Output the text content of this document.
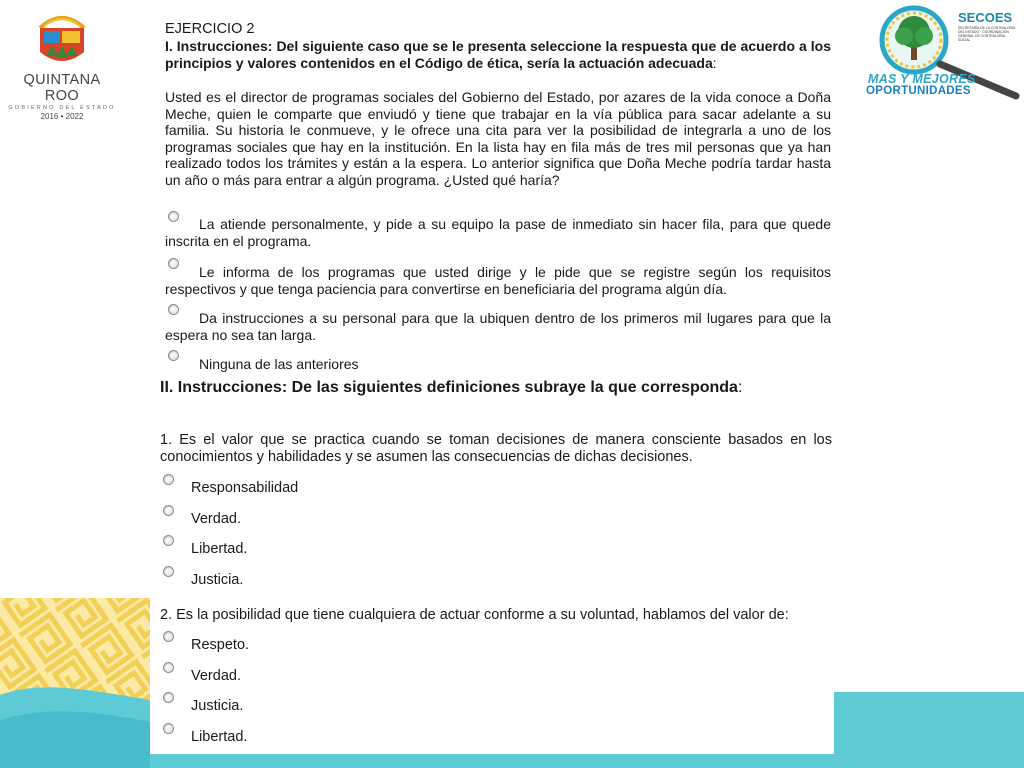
QUINTANA ROO
GOBIERNO DEL ESTADO
2016 • 2022
SECOES
SECRETARÍA DE LA CONTRALORÍA DEL ESTADO · COORDINACIÓN GENERAL DE CONTRALORÍA SOCIAL
MAS Y MEJORES
OPORTUNIDADES
EJERCICIO 2
I. Instrucciones: Del siguiente caso que se le presenta seleccione la respuesta que de acuerdo a los principios y valores contenidos en el Código de ética, sería la actuación adecuada:
Usted es el director de programas sociales del Gobierno del Estado, por azares de la vida conoce a Doña Meche, quien le comparte que enviudó y tiene que trabajar en la vía pública para sacar adelante a su familia. Su historia le conmueve, y le ofrece una cita para ver la posibilidad de integrarla a uno de los programas sociales que hay en la institución. En la lista hay en fila más de tres mil personas que ya han realizado todos los trámites y están a la espera. Lo anterior significa que Doña Meche podría tardar hasta un año o más para entrar a algún programa. ¿Usted qué haría?
La atiende personalmente, y pide a su equipo la pase de inmediato sin hacer fila, para que quede inscrita en el programa.
Le informa de los programas que usted dirige y le pide que se registre según los requisitos respectivos y que tenga paciencia para convertirse en beneficiaria del programa algún día.
Da instrucciones a su personal para que la ubiquen dentro de los primeros mil lugares para que la espera no sea tan larga.
Ninguna de las anteriores
II. Instrucciones: De las siguientes definiciones subraye la que corresponda:
1. Es el valor que se practica cuando se toman decisiones de manera consciente basados en los conocimientos y habilidades y se asumen las consecuencias de dichas decisiones.
Responsabilidad
Verdad.
Libertad.
Justicia.
2. Es la posibilidad que tiene cualquiera de actuar conforme a su voluntad, hablamos del valor de:
Respeto.
Verdad.
Justicia.
Libertad.
